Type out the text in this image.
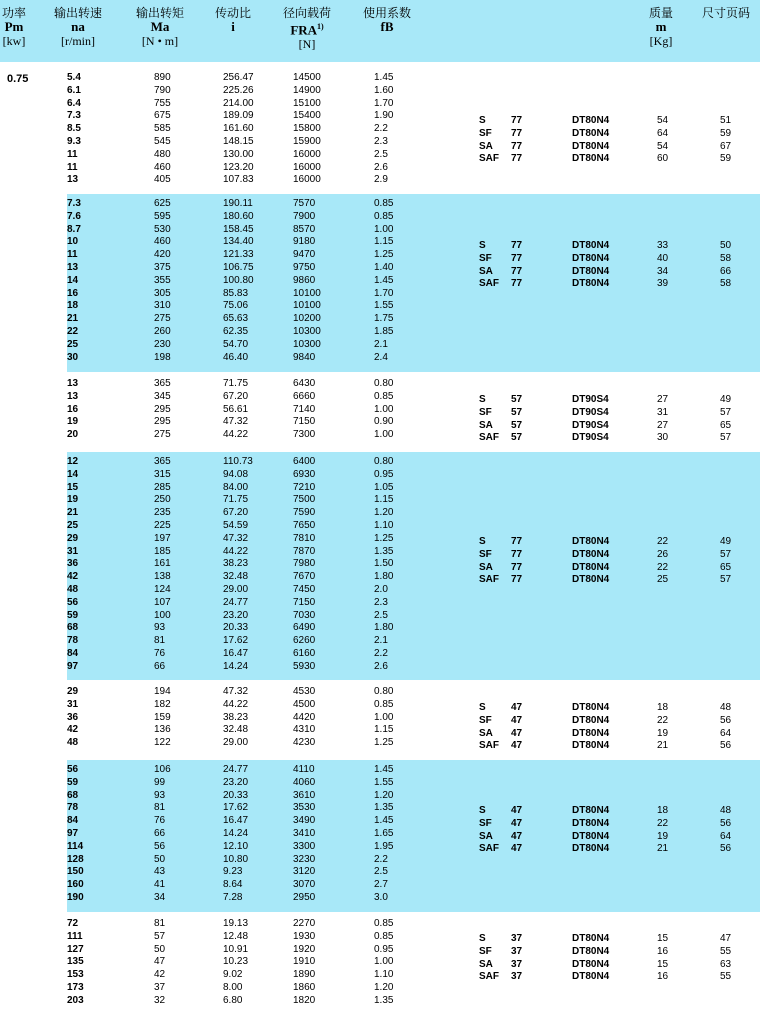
功率
Pm
[kw]
输出转速
na
[r/min]
输出转矩
Ma
[N • m]
传动比
i
径向载荷
FRA$^{1)}$
[N]
使用系数
fB
质量
m
[Kg]
尺寸页码
0.75	5.4	890	256.47	14500	1.45
6.1	790	225.26	14900	1.60
6.4	755	214.00	15100	1.70
7.3	675	189.09	15400	1.90
8.5	585	161.60	15800	2.2
9.3	545	148.15	15900	2.3
11	480	130.00	16000	2.5
11	460	123.20	16000	2.6
13	405	107.83	16000	2.9
S	77	DT80N4	54	51
SF 77	DT80N4	64	59
SA 77	DT80N4	54	67
SAF 77	DT80N4	60	59
7.3	625	190.11	7570	0.85
7.6	595	180.60	7900	0.85
8.7	530	158.45	8570	1.00
10	460	134.40	9180	1.15
11	420	121.33	9470	1.25
13	375	106.75	9750	1.40
14	355	100.80	9860	1.45
16	305	85.83	10100	1.70
18	310	75.06	10100	1.55
21	275	65.63	10200	1.75
22	260	62.35	10300	1.85
25	230	54.70	10300	2.1
30	198	46.40	9840	2.4
S	77	DT80N4	33	50
SF 77	DT80N4	40	58
SA 77	DT80N4	34	66
SAF 77	DT80N4	39	58
13	365	71.75	6430	0.80
13	345	67.20	6660	0.85
16	295	56.61	7140	1.00
19	295	47.32	7150	0.90
20	275	44.22	7300	1.00
S	57	DT90S4	27	49
SF 57	DT90S4	31	57
SA 57	DT90S4	27	65
SAF 57	DT90S4	30	57
12	365	110.73	6400	0.80
14	315	94.08	6930	0.95
15	285	84.00	7210	1.05
19	250	71.75	7500	1.15
21	235	67.20	7590	1.20
25	225	54.59	7650	1.10
29	197	47.32	7810	1.25
31	185	44.22	7870	1.35
36	161	38.23	7980	1.50
42	138	32.48	7670	1.80
48	124	29.00	7450	2.0
56	107	24.77	7150	2.3
59	100	23.20	7030	2.5
68	93	20.33	6490	1.80
78	81	17.62	6260	2.1
84	76	16.47	6160	2.2
97	66	14.24	5930	2.6
S	77	DT80N4	22	49
SF 77	DT80N4	26	57
SA 77	DT80N4	22	65
SAF 77	DT80N4	25	57
29	194	47.32	4530	0.80
31	182	44.22	4500	0.85
36	159	38.23	4420	1.00
42	136	32.48	4310	1.15
48	122	29.00	4230	1.25
S	47	DT80N4	18	48
SF 47	DT80N4	22	56
SA 47	DT80N4	19	64
SAF 47	DT80N4	21	56
56	106	24.77	4110	1.45
59	99	23.20	4060	1.55
68	93	20.33	3610	1.20
78	81	17.62	3530	1.35
84	76	16.47	3490	1.45
97	66	14.24	3410	1.65
114	56	12.10	3300	1.95
128	50	10.80	3230	2.2
150	43	9.23	3120	2.5
160	41	8.64	3070	2.7
190	34	7.28	2950	3.0
S	47	DT80N4	18	48
SF 47	DT80N4	22	56
SA 47	DT80N4	19	64
SAF 47	DT80N4	21	56
72	81	19.13	2270	0.85
111	57	12.48	1930	0.85
127	50	10.91	1920	0.95
135	47	10.23	1910	1.00
153	42	9.02	1890	1.10
173	37	8.00	1860	1.20
203	32	6.80	1820	1.35
S	37	DT80N4	15	47
SF 37	DT80N4	16	55
SA 37	DT80N4	15	63
SAF 37	DT80N4	16	55
